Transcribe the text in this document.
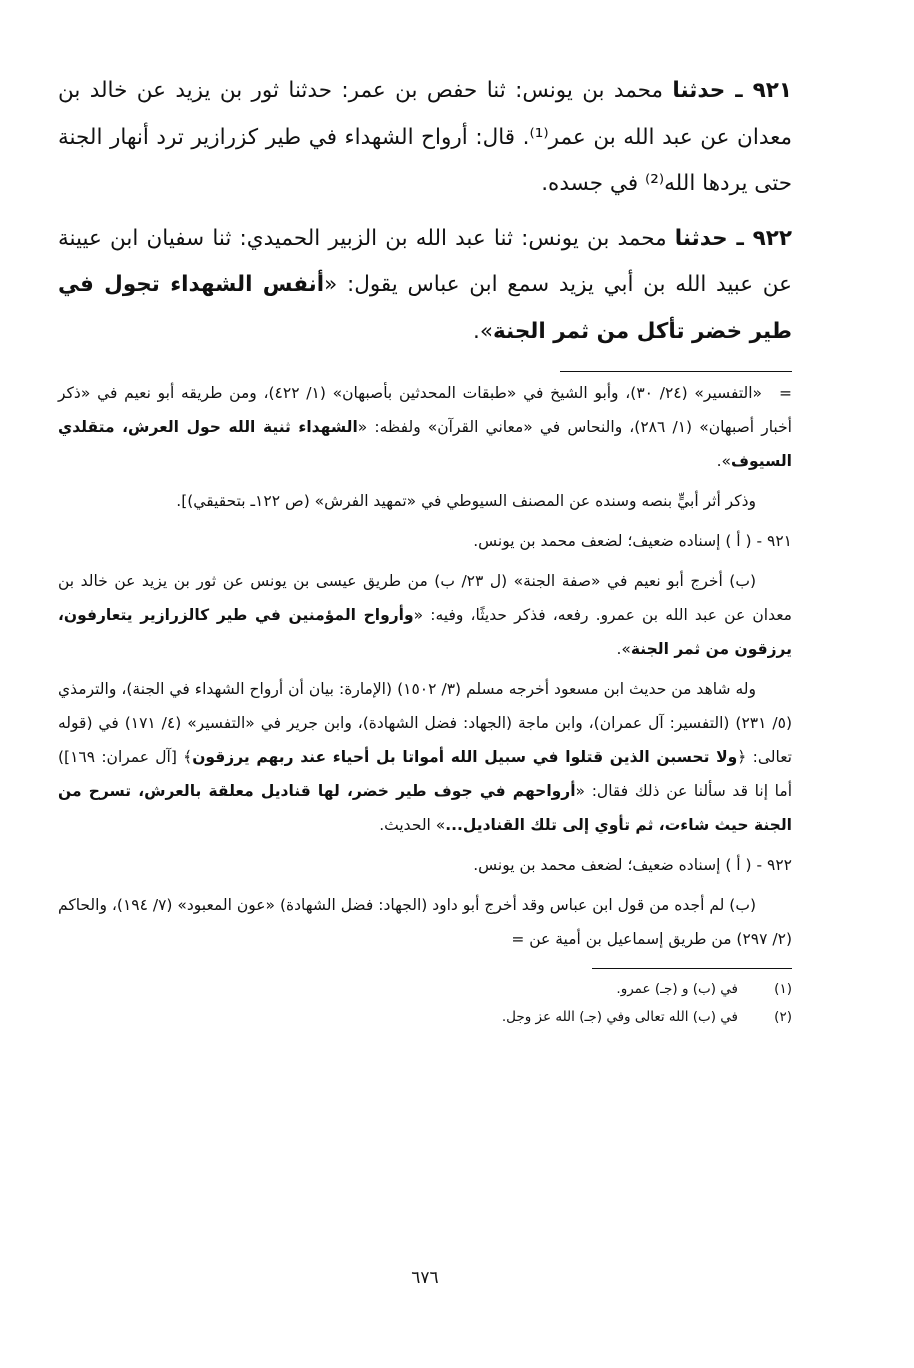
٩٢١ ـ حدثنا محمد بن يونس: ثنا حفص بن عمر: حدثنا ثور بن يزيد عن خالد بن معدان عن عبد الله بن عمر⁽¹⁾. قال: أرواح الشهداء في طير كزرازير ترد أنهار الجنة حتى يردها الله⁽²⁾ في جسده.

٩٢٢ ـ حدثنا محمد بن يونس: ثنا عبد الله بن الزبير الحميدي: ثنا سفيان ابن عيينة عن عبيد الله بن أبي يزيد سمع ابن عباس يقول: «أنفس الشهداء تجول في طير خضر تأكل من ثمر الجنة».

=«التفسير» (٢٤/ ٣٠)، وأبو الشيخ في «طبقات المحدثين بأصبهان» (١/ ٤٢٢)، ومن طريقه أبو نعيم في «ذكر أخبار أصبهان» (١/ ٢٨٦)، والنحاس في «معاني القرآن» ولفظه: «الشهداء ثنية الله حول العرش، متقلدي السيوف».

وذكر أثر أبيٍّ بنصه وسنده عن المصنف السيوطي في «تمهيد الفرش» (ص ١٢٢ـ بتحقيقي)].

٩٢١ - ( أ ) إسناده ضعيف؛ لضعف محمد بن يونس.

(ب) أخرج أبو نعيم في «صفة الجنة» (ل ٢٣/ ب) من طريق عيسى بن يونس عن ثور بن يزيد عن خالد بن معدان عن عبد الله بن عمرو. رفعه، فذكر حديثًا، وفيه: «وأرواح المؤمنين في طير كالزرازير يتعارفون، يرزقون من ثمر الجنة».

وله شاهد من حديث ابن مسعود أخرجه مسلم (٣/ ١٥٠٢) (الإمارة: بيان أن أرواح الشهداء في الجنة)، والترمذي (٥/ ٢٣١) (التفسير: آل عمران)، وابن ماجة (الجهاد: فضل الشهادة)، وابن جرير في «التفسير» (٤/ ١٧١) في (قوله تعالى: ﴿ولا تحسبن الذين قتلوا في سبيل الله أمواتا بل أحياء عند ربهم يرزقون﴾ [آل عمران: ١٦٩]) أما إنا قد سألنا عن ذلك فقال: «أرواحهم في جوف طير خضر، لها قناديل معلقة بالعرش، تسرح من الجنة حيث شاءت، ثم تأوي إلى تلك القناديل...» الحديث.

٩٢٢ - ( أ ) إسناده ضعيف؛ لضعف محمد بن يونس.

(ب) لم أجده من قول ابن عباس وقد أخرج أبو داود (الجهاد: فضل الشهادة) «عون المعبود» (٧/ ١٩٤)، والحاكم (٢/ ٢٩٧) من طريق إسماعيل بن أمية عن =

(١)في (ب) و (جـ) عمرو.

(٢)في (ب) الله تعالى وفي (جـ) الله عز وجل.

٦٧٦
